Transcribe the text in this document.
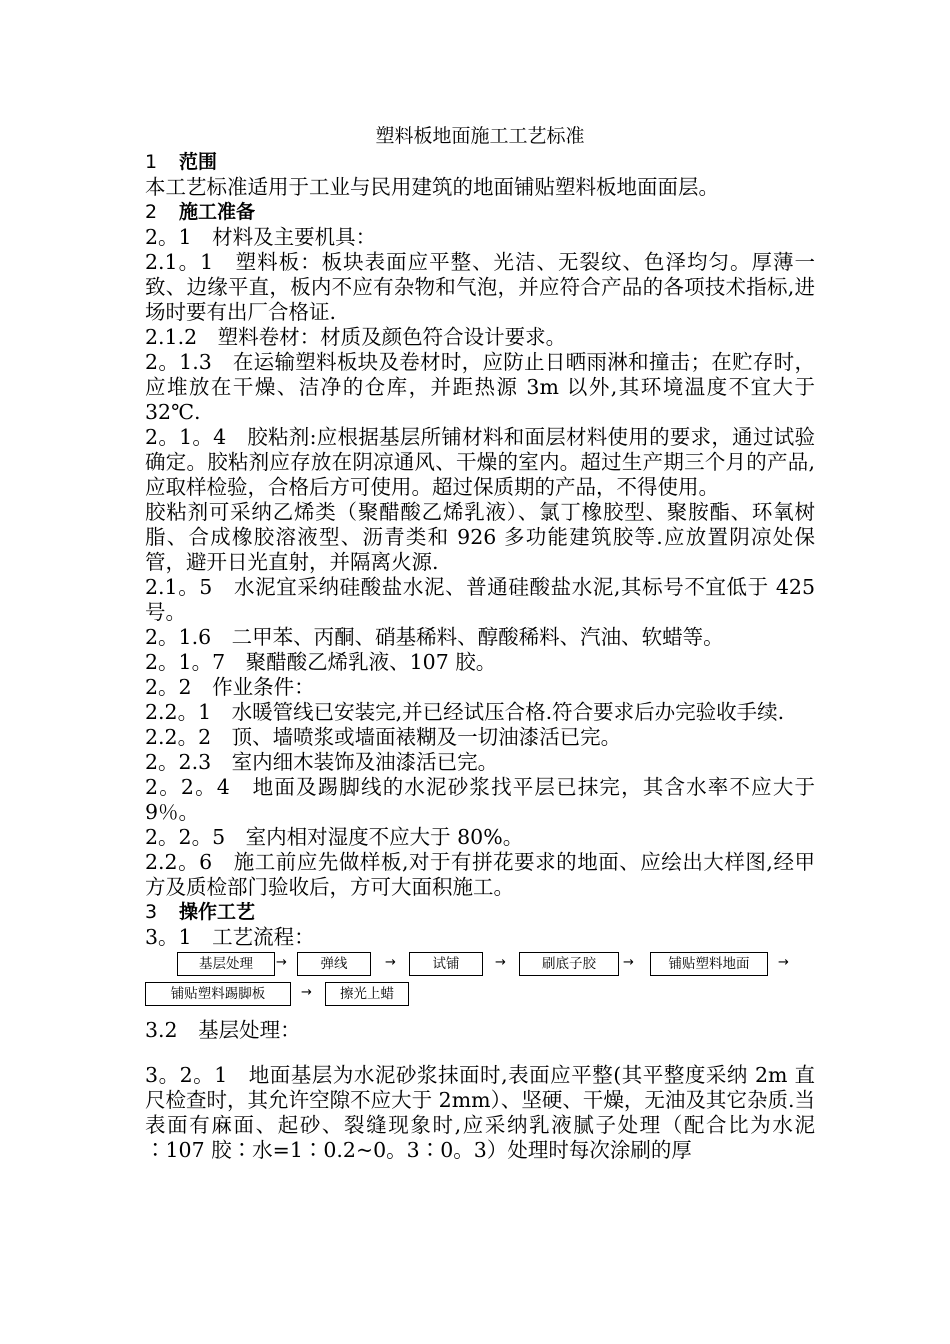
塑料板地面施工工艺标准
1 范围

本工艺标准适用于工业与民用建筑的地面铺贴塑料板地面面层。

2 施工准备

2。1　材料及主要机具：

2.1。1　塑料板：板块表面应平整、光洁、无裂纹、色泽均匀。厚薄一致、边缘平直，板内不应有杂物和气泡，并应符合产品的各项技术指标,进场时要有出厂合格证.

2.1.2　塑料卷材：材质及颜色符合设计要求。

2。1.3　在运输塑料板块及卷材时，应防止日晒雨淋和撞击；在贮存时，应堆放在干燥、洁净的仓库，并距热源 3m 以外,其环境温度不宜大于 32℃.

2。1。4　胶粘剂:应根据基层所铺材料和面层材料使用的要求，通过试验确定。胶粘剂应存放在阴凉通风、干燥的室内。超过生产期三个月的产品,应取样检验，合格后方可使用。超过保质期的产品，不得使用。

胶粘剂可采纳乙烯类（聚醋酸乙烯乳液）、氯丁橡胶型、聚胺酯、环氧树脂、合成橡胶溶液型、沥青类和 926 多功能建筑胶等.应放置阴凉处保管，避开日光直射，并隔离火源.

2.1。5　水泥宜采纳硅酸盐水泥、普通硅酸盐水泥,其标号不宜低于 425 号。

2。1.6　二甲苯、丙酮、硝基稀料、醇酸稀料、汽油、软蜡等。

2。1。7　聚醋酸乙烯乳液、107 胶。

2。2　作业条件：

2.2。1　水暖管线已安装完,并已经试压合格.符合要求后办完验收手续.

2.2。2　顶、墙喷浆或墙面裱糊及一切油漆活已完。

2。2.3　室内细木装饰及油漆活已完。

2。2。4　地面及踢脚线的水泥砂浆找平层已抹完，其含水率不应大于 9％。

2。2。5　室内相对湿度不应大于 80%。

2.2。6　施工前应先做样板,对于有拼花要求的地面、应绘出大样图,经甲方及质检部门验收后，方可大面积施工。

3 操作工艺

3。1　工艺流程：

基层处理	→	弹线	→	试铺	→	刷底子胶	→	铺贴塑料地面	→
铺贴塑料踢脚板	→	擦光上蜡

3.2　基层处理：

3。2。1　地面基层为水泥砂浆抹面时,表面应平整(其平整度采纳 2m 直尺检查时，其允许空隙不应大于 2mm）、坚硬、干燥，无油及其它杂质.当表面有麻面、起砂、裂缝现象时,应采纳乳液腻子处理（配合比为水泥∶107 胶∶水=1∶0.2~0。3∶0。3）处理时每次涂刷的厚
